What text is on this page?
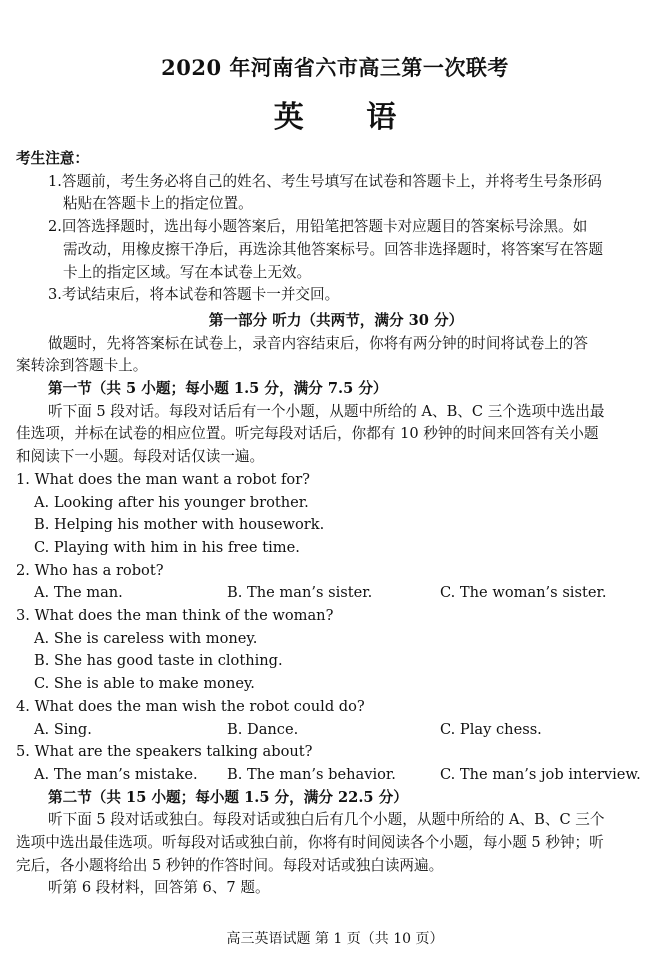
2020 年河南省六市高三第一次联考
英 语
考生注意：
1.答题前，考生务必将自己的姓名、考生号填写在试卷和答题卡上，并将考生号条形码
粘贴在答题卡上的指定位置。
2.回答选择题时，选出每小题答案后，用铅笔把答题卡对应题目的答案标号涂黑。如
需改动，用橡皮擦干净后，再选涂其他答案标号。回答非选择题时，将答案写在答题
卡上的指定区域。写在本试卷上无效。
3.考试结束后，将本试卷和答题卡一并交回。
第一部分 听力（共两节，满分 30 分）
做题时，先将答案标在试卷上，录音内容结束后，你将有两分钟的时间将试卷上的答
案转涂到答题卡上。
第一节（共 5 小题；每小题 1.5 分，满分 7.5 分）
听下面 5 段对话。每段对话后有一个小题，从题中所给的 A、B、C 三个选项中选出最
佳选项，并标在试卷的相应位置。听完每段对话后，你都有 10 秒钟的时间来回答有关小题
和阅读下一小题。每段对话仅读一遍。
1. What does the man want a robot for?
A. Looking after his younger brother.
B. Helping his mother with housework.
C. Playing with him in his free time.
2. Who has a robot?
A. The man.	B. The man’s sister.	C. The woman’s sister.
3. What does the man think of the woman?
A. She is careless with money.
B. She has good taste in clothing.
C. She is able to make money.
4. What does the man wish the robot could do?
A. Sing.	B. Dance.	C. Play chess.
5. What are the speakers talking about?
A. The man’s mistake. B. The man’s behavior.	C. The man’s job interview.
第二节（共 15 小题；每小题 1.5 分，满分 22.5 分）
听下面 5 段对话或独白。每段对话或独白后有几个小题，从题中所给的 A、B、C 三个
选项中选出最佳选项。听每段对话或独白前，你将有时间阅读各个小题，每小题 5 秒钟；听
完后，各小题将给出 5 秒钟的作答时间。每段对话或独白读两遍。
听第 6 段材料，回答第 6、7 题。
高三英语试题 第 1 页（共 10 页）
